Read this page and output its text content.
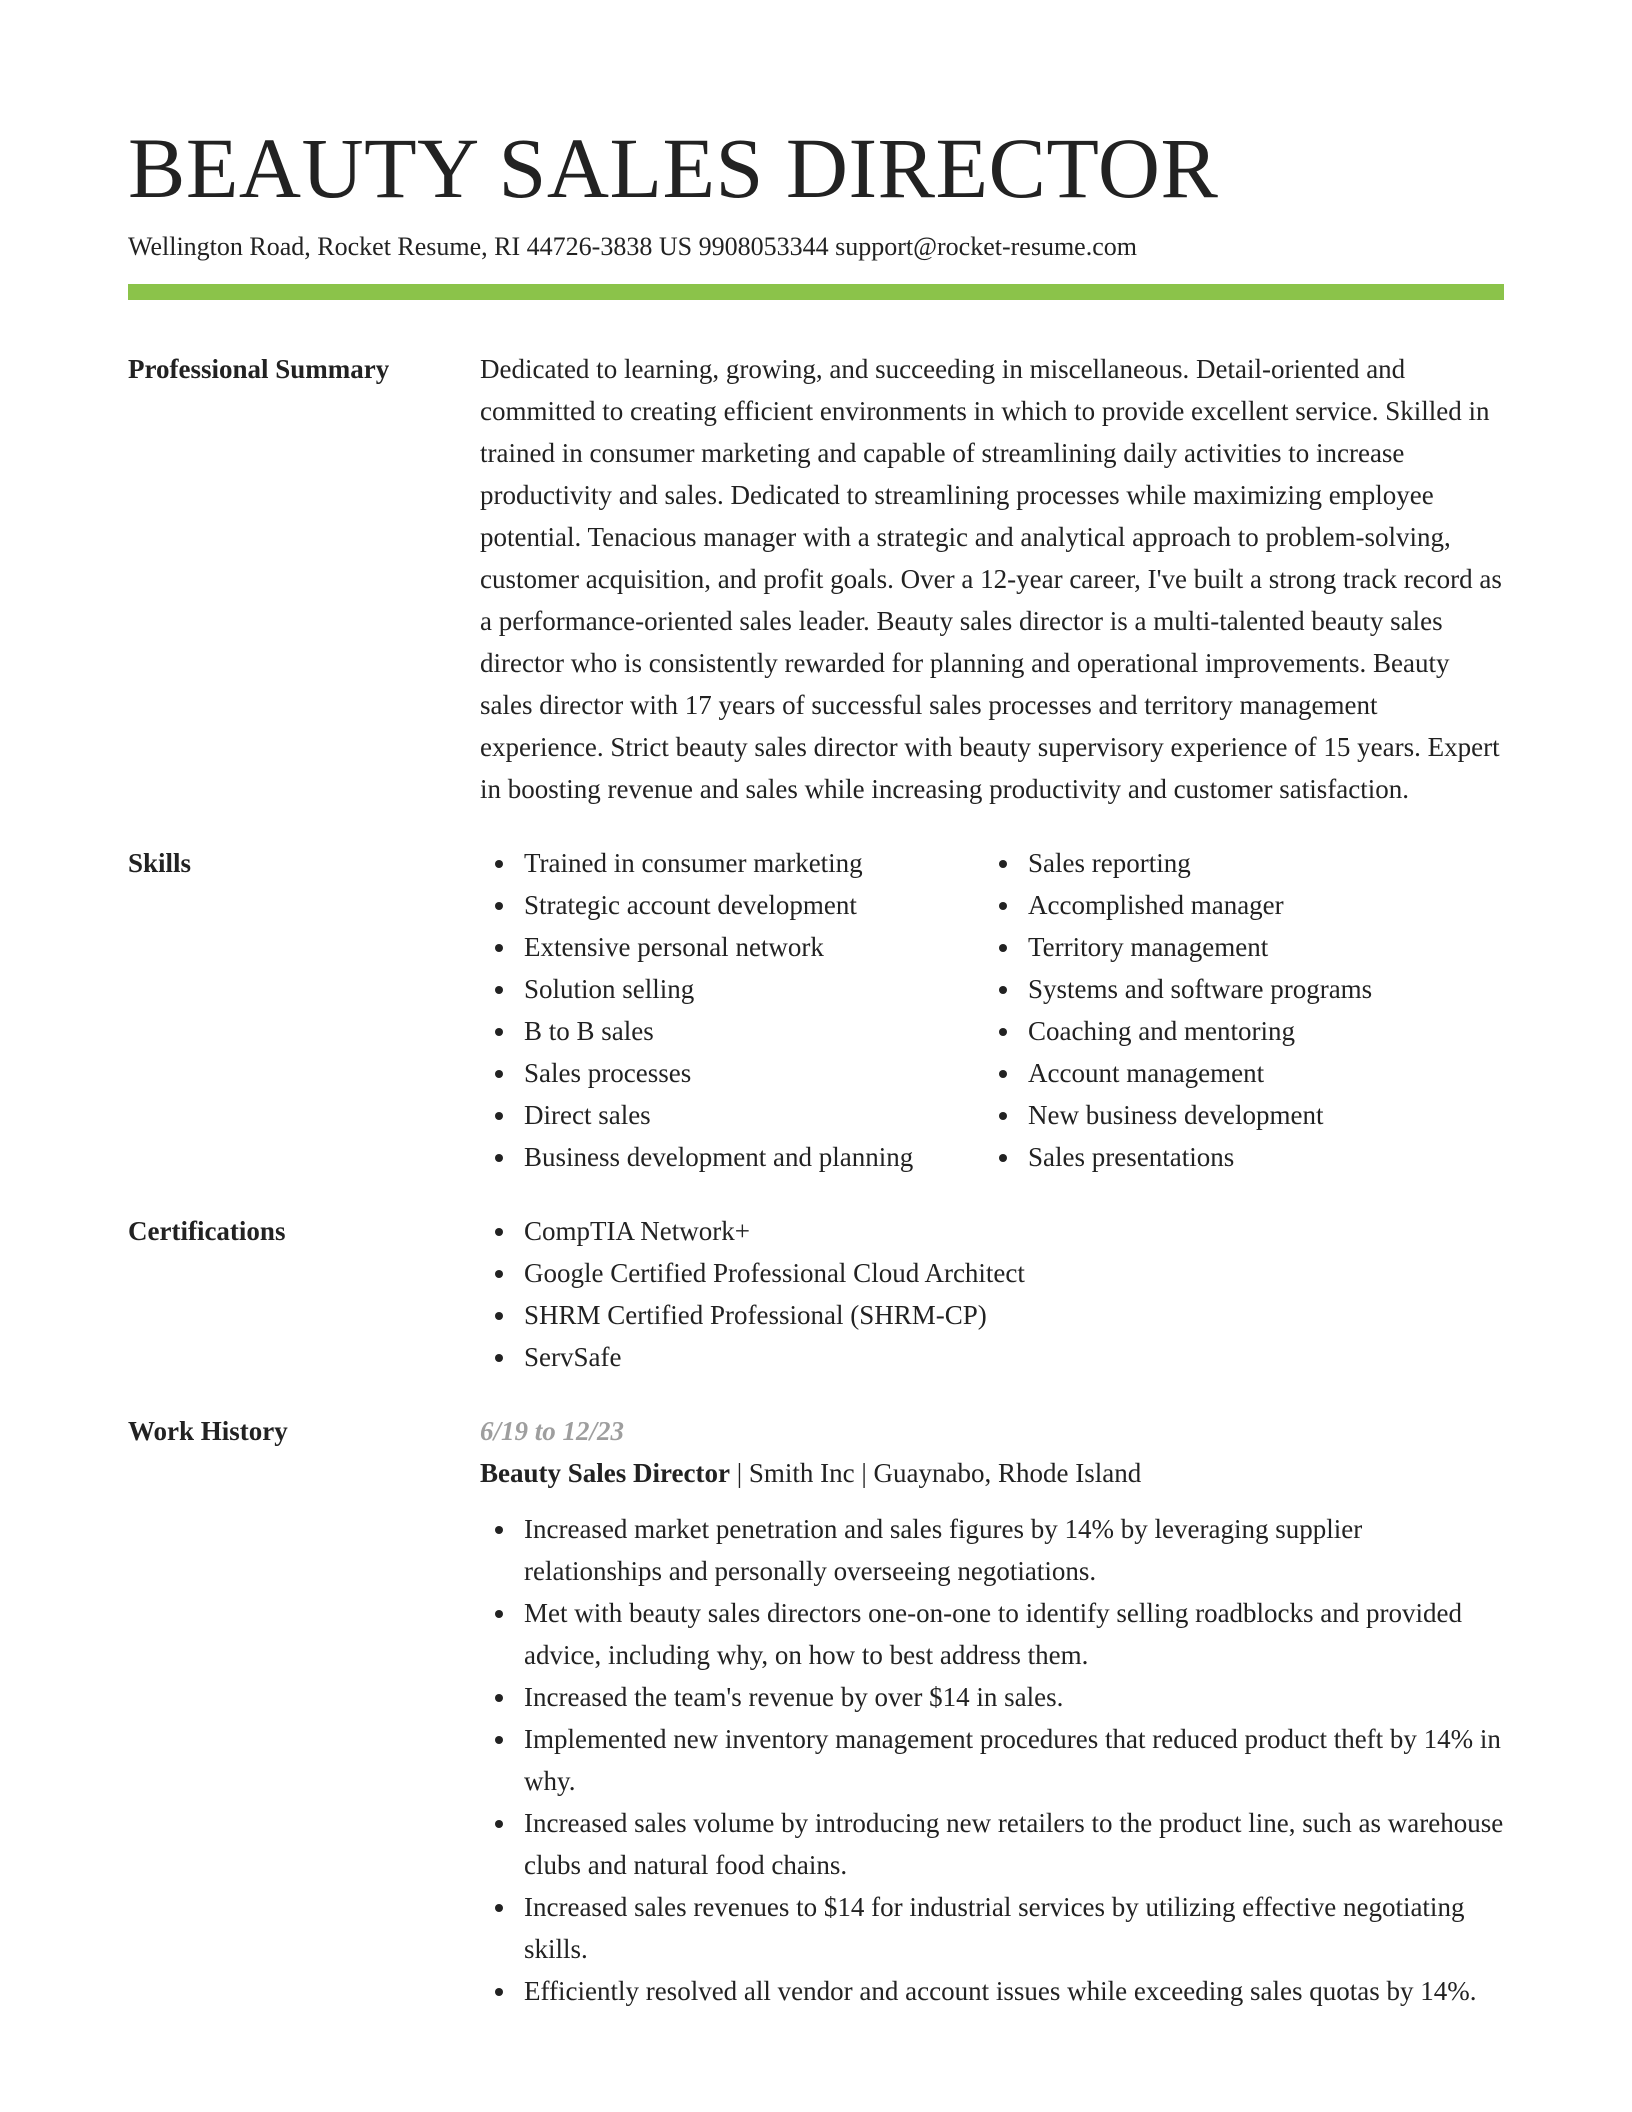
BEAUTY SALES DIRECTOR
Wellington Road, Rocket Resume, RI 44726-3838 US 9908053344 support@rocket-resume.com
Professional Summary	Dedicated to learning, growing, and succeeding in miscellaneous. Detail-oriented and committed to creating efficient environments in which to provide excellent service. Skilled in trained in consumer marketing and capable of streamlining daily activities to increase productivity and sales. Dedicated to streamlining processes while maximizing employee potential. Tenacious manager with a strategic and analytical approach to problem-solving, customer acquisition, and profit goals. Over a 12-year career, I've built a strong track record as a performance-oriented sales leader. Beauty sales director is a multi-talented beauty sales director who is consistently rewarded for planning and operational improvements. Beauty sales director with 17 years of successful sales processes and territory management experience. Strict beauty sales director with beauty supervisory experience of 15 years. Expert in boosting revenue and sales while increasing productivity and customer satisfaction.

Skills	Trained in consumer marketing
Strategic account development
Extensive personal network
Solution selling
B to B sales
Sales processes
Direct sales
Business development and planning
Sales reporting
Accomplished manager
Territory management
Systems and software programs
Coaching and mentoring
Account management
New business development
Sales presentations
Certifications	CompTIA Network+
Google Certified Professional Cloud Architect
SHRM Certified Professional (SHRM-CP)
ServSafe
Work History	6/19 to 12/23
Beauty Sales Director | Smith Inc | Guaynabo, Rhode Island
Increased market penetration and sales figures by 14% by leveraging supplier relationships and personally overseeing negotiations.
Met with beauty sales directors one-on-one to identify selling roadblocks and provided advice, including why, on how to best address them.
Increased the team's revenue by over $14 in sales.
Implemented new inventory management procedures that reduced product theft by 14% in why.
Increased sales volume by introducing new retailers to the product line, such as warehouse clubs and natural food chains.
Increased sales revenues to $14 for industrial services by utilizing effective negotiating skills.
Efficiently resolved all vendor and account issues while exceeding sales quotas by 14%.
